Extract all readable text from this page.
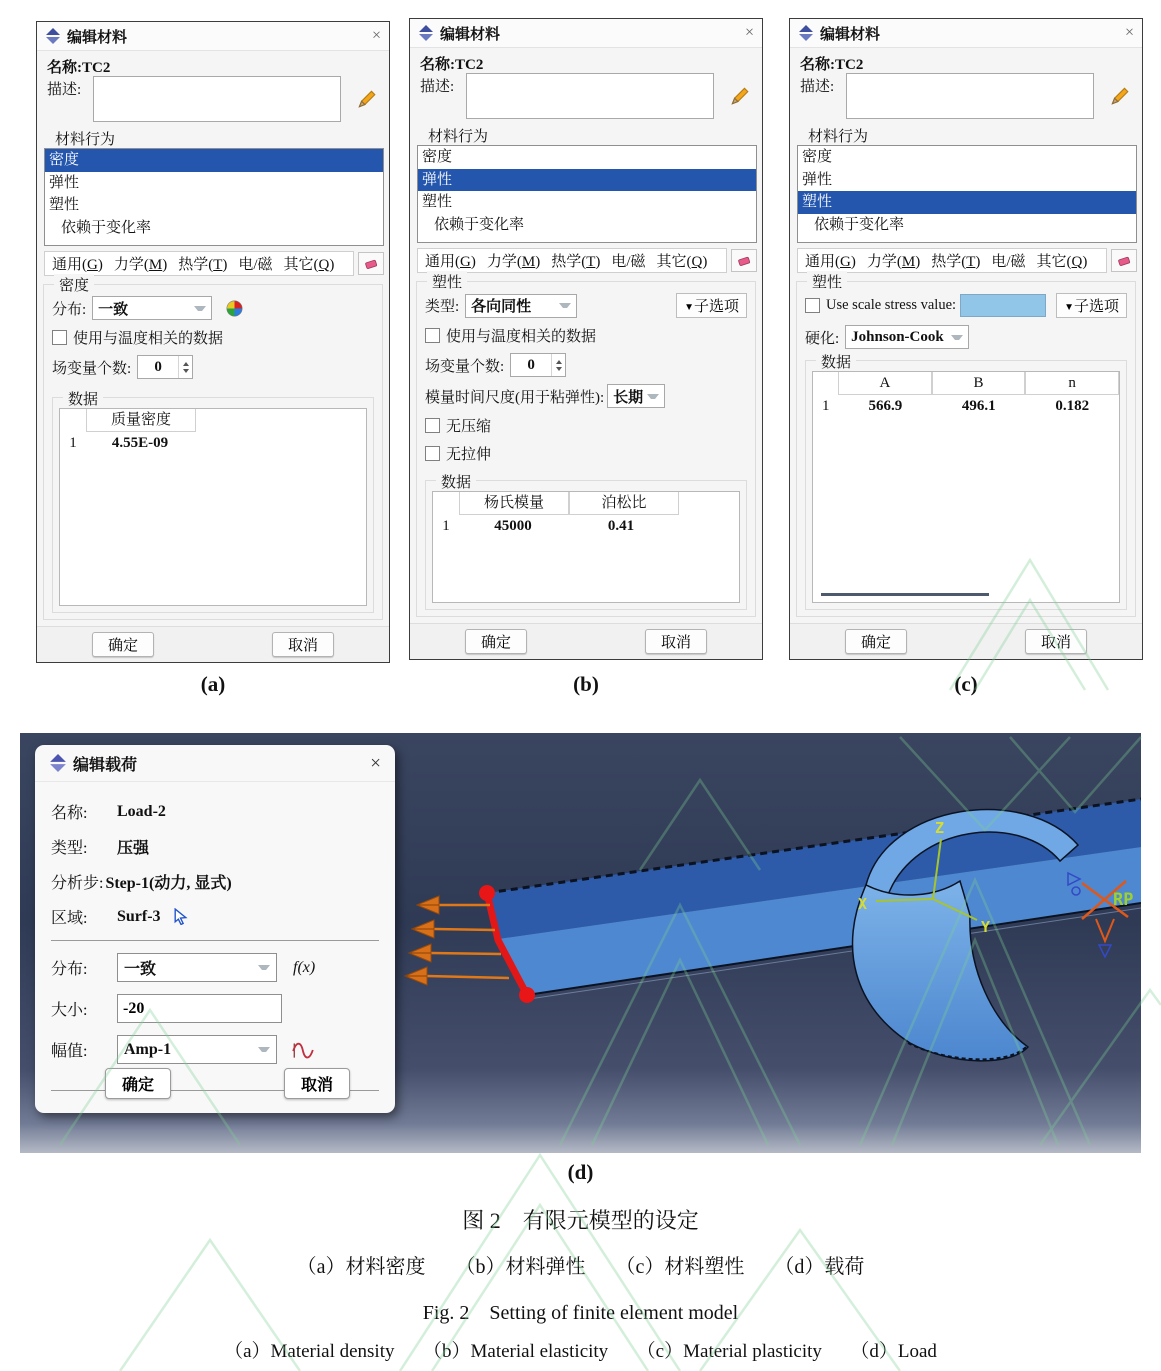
编辑材料	×
名称:TC2
描述:
材料行为
密度
弹性
塑性
依赖于变化率
通用(G) 力学(M) 热学(T) 电/磁 其它(Q)
密度
分布: 一致
使用与温度相关的数据
场变量个数:	0
数据
质量密度
1	4.55E-09
确定	取消
(a)
编辑材料	×
名称:TC2
描述:
材料行为
密度
弹性
塑性
依赖于变化率
通用(G) 力学(M) 热学(T) 电/磁 其它(Q)
塑性
类型: 各向同性	▼子选项
使用与温度相关的数据
场变量个数:	0
模量时间尺度(用于粘弹性): 长期
无压缩
无拉伸
数据
杨氏模量	泊松比
1	45000	0.41
确定	取消
(b)
编辑材料	×
名称:TC2
描述:
材料行为
密度
弹性
塑性
依赖于变化率
通用(G) 力学(M) 热学(T) 电/磁 其它(Q)
塑性
Use scale stress value:	▼子选项
硬化: Johnson-Cook
数据
A	B	n
1	566.9	496.1	0.182
确定	取消
(c)
Z
X
Y
RP
编辑载荷	×
名称:	Load-2
类型:	压强
分析步: Step-1(动力, 显式)
区域:	Surf-3
分布:	一致	f(x)
大小:
-20
幅值:	Amp-1
确定	取消
(d)
图 2　有限元模型的设定
（a）材料密度　　（b）材料弹性　　（c）材料塑性　　（d）载荷
Fig. 2　Setting of finite element model
（a）Material density　　（b）Material elasticity　　（c）Material plasticity　　（d）Load
